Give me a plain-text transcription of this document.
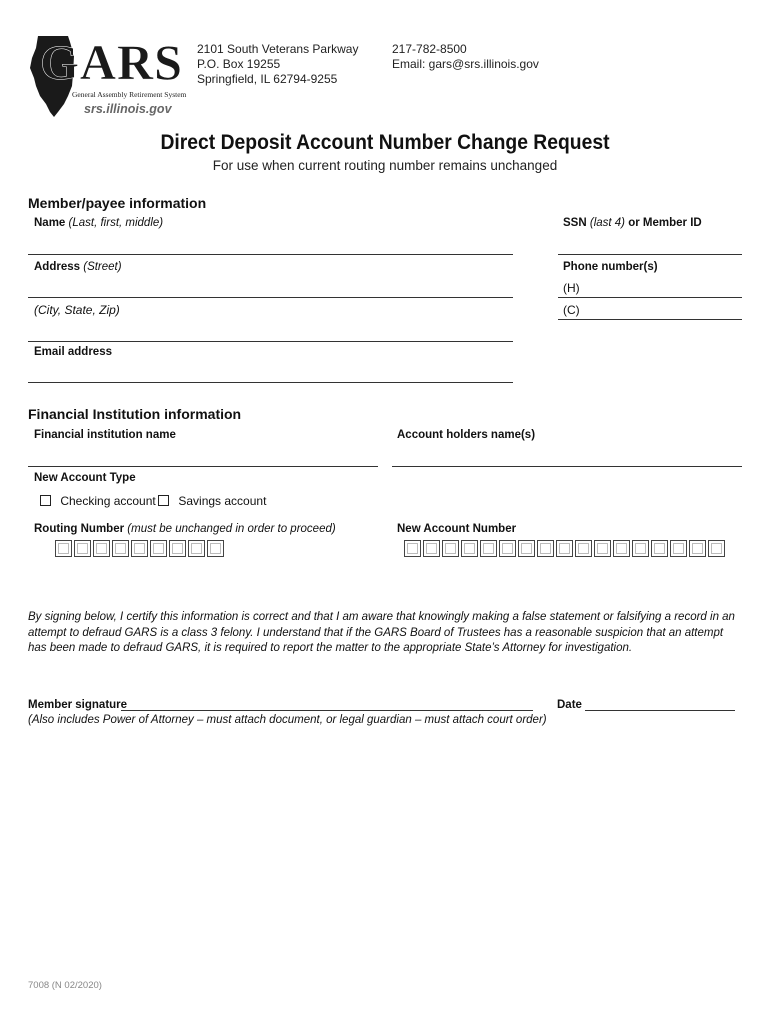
GARS
General Assembly Retirement System
srs.illinois.gov
2101 South Veterans Parkway
P.O. Box 19255
Springfield, IL 62794-9255
217-782-8500
Email: gars@srs.illinois.gov
Direct Deposit Account Number Change Request
For use when current routing number remains unchanged
Member/payee information
Name (Last, first, middle)	SSN (last 4) or Member ID
Address (Street)	Phone number(s)
(H)
(C)
(City, State, Zip)
Email address
Financial Institution information
Financial institution name	Account holders name(s)
New Account Type
Checking account	Savings account
Routing Number (must be unchanged in order to proceed)	New Account Number
By signing below, I certify this information is correct and that I am aware that knowingly making a false statement or falsifying a record in an attempt to defraud GARS is a class 3 felony. I understand that if the GARS Board of Trustees has a reasonable suspicion that an attempt has been made to defraud GARS, it is required to report the matter to the appropriate State’s Attorney for investigation.
Member signature
(Also includes Power of Attorney – must attach document, or legal guardian – must attach court order)
Date
7008 (N 02/2020)
